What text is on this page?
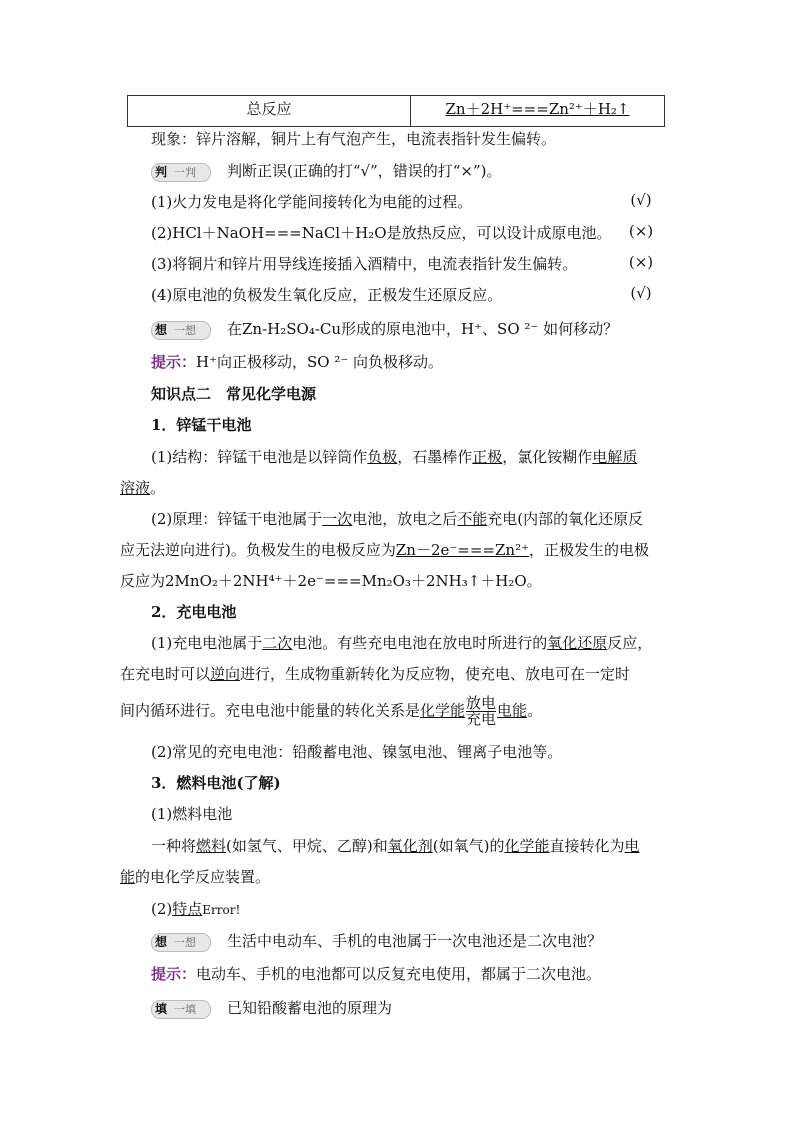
总反应	Zn＋2H⁺===Zn²⁺＋H₂↑
现象：锌片溶解，铜片上有气泡产生，电流表指针发生偏转。
判 一判 判断正误(正确的打“√”，错误的打“×”)。
(1)火力发电是将化学能间接转化为电能的过程。	(√)
(2)HCl＋NaOH===NaCl＋H₂O是放热反应，可以设计成原电池。	(×)
(3)将铜片和锌片用导线连接插入酒精中，电流表指针发生偏转。	(×)
(4)原电池的负极发生氧化反应，正极发生还原反应。	(√)
想 一想 在Zn-H₂SO₄-Cu形成的原电池中，H⁺、SO ²⁻ 如何移动？
提示：H⁺向正极移动，SO ²⁻ 向负极移动。
知识点二　常见化学电源
1．锌锰干电池
(1)结构：锌锰干电池是以锌筒作负极，石墨棒作正极，氯化铵糊作电解质
溶液。
(2)原理：锌锰干电池属于一次电池，放电之后不能充电(内部的氧化还原反
应无法逆向进行)。负极发生的电极反应为Zn－2e⁻===Zn²⁺，正极发生的电极
反应为2MnO₂＋2NH⁴⁺＋2e⁻===Mn₂O₃＋2NH₃↑＋H₂O。
2．充电电池
(1)充电电池属于二次电池。有些充电电池在放电时所进行的氧化还原反应，
在充电时可以逆向进行，生成物重新转化为反应物，使充电、放电可在一定时
间内循环进行。充电电池中能量的转化关系是化学能 $\frac{\text{放电}}{\text{充电}}$ 电能。
(2)常见的充电电池：铅酸蓄电池、镍氢电池、锂离子电池等。
3．燃料电池(了解)
(1)燃料电池
一种将燃料(如氢气、甲烷、乙醇)和氧化剂(如氧气)的化学能直接转化为电
能的电化学反应装置。
(2)特点Error!
想 一想 生活中电动车、手机的电池属于一次电池还是二次电池？
提示：电动车、手机的电池都可以反复充电使用，都属于二次电池。
填 一填 已知铅酸蓄电池的原理为
